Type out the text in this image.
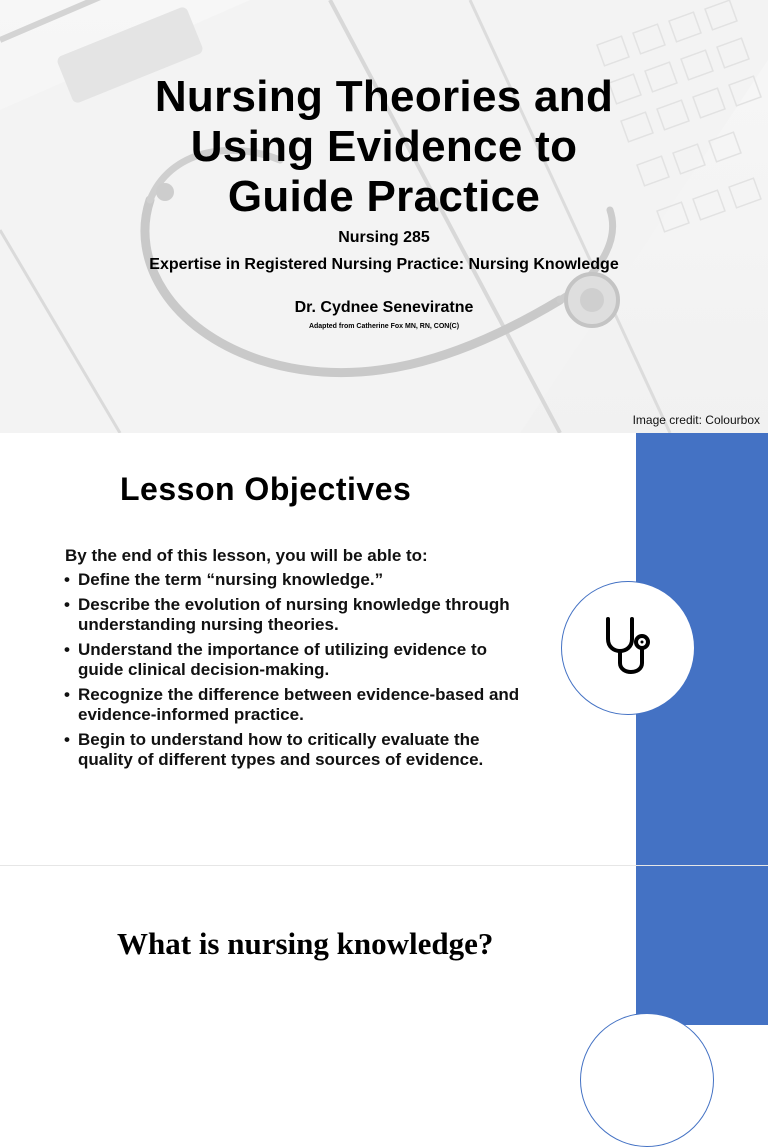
Nursing Theories and
Using Evidence to
Guide Practice
Nursing 285
Expertise in Registered Nursing Practice: Nursing Knowledge
Dr. Cydnee Seneviratne
Adapted from Catherine Fox MN, RN, CON(C)
Image credit: Colourbox
Lesson Objectives
By the end of this lesson, you will be able to:
• Define the term “nursing knowledge.”
• Describe the evolution of nursing knowledge through understanding nursing theories.
• Understand the importance of utilizing evidence to guide clinical decision-making.
• Recognize the difference between evidence-based and evidence-informed practice.
• Begin to understand how to critically evaluate the quality of different types and sources of evidence.
What is nursing knowledge?
